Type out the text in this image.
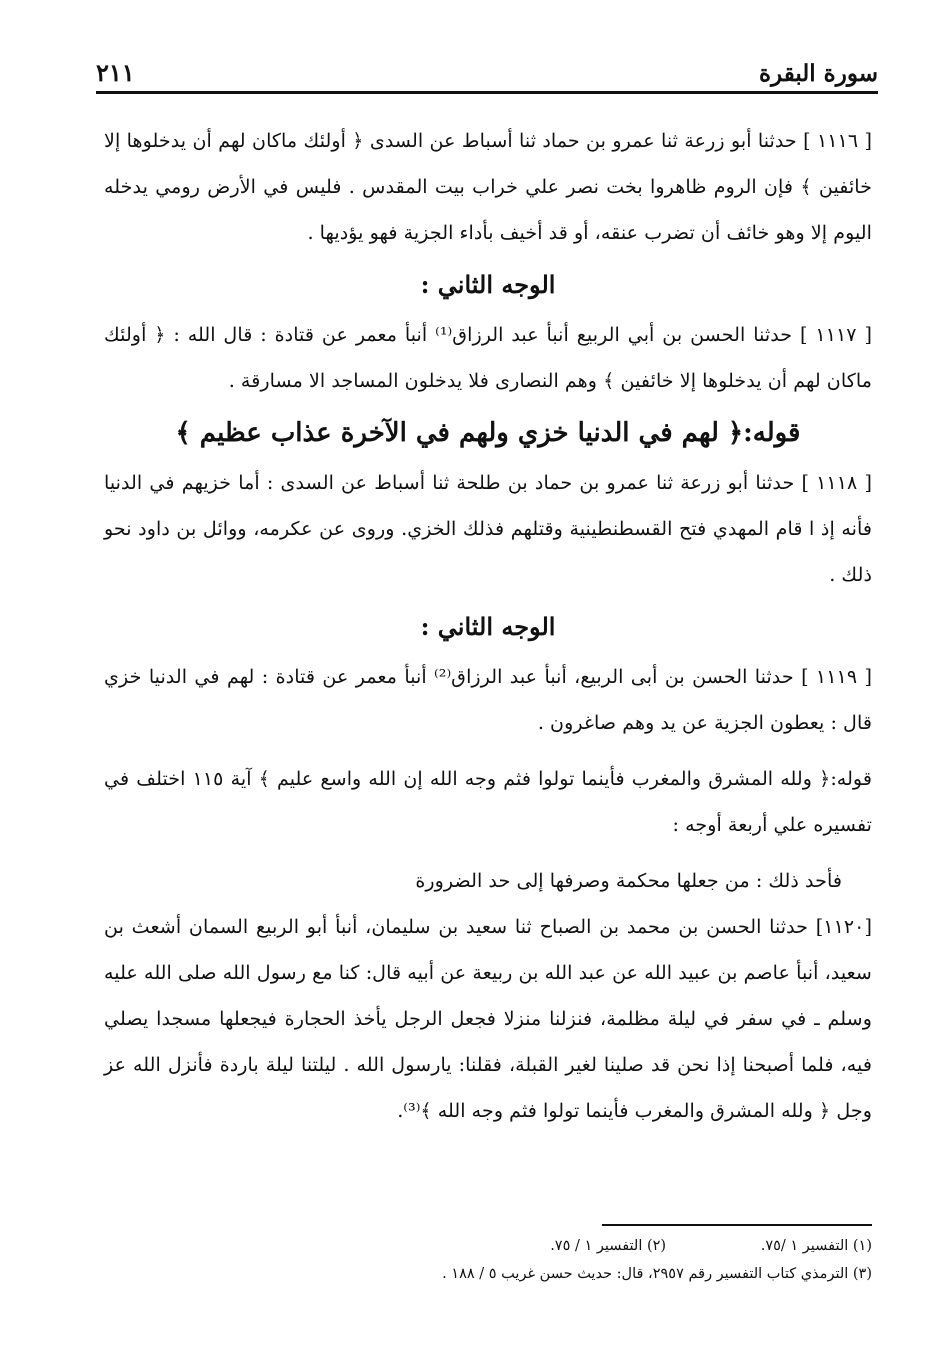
سورة البقرة
٢١١

[ ١١١٦ ] حدثنا أبو زرعة ثنا عمرو بن حماد ثنا أسباط عن السدى ﴿ أولئك ماكان لهم أن يدخلوها إلا خائفين ﴾ فإن الروم ظاهروا بخت نصر علي خراب بيت المقدس . فليس في الأرض رومي يدخله اليوم إلا وهو خائف أن تضرب عنقه، أو قد أخيف بأداء الجزية فهو يؤديها .

الوجه الثاني :

[ ١١١٧ ] حدثنا الحسن بن أبي الربيع أنبأ عبد الرزاق⁽¹⁾ أنبأ معمر عن قتادة : قال الله : ﴿ أولئك ماكان لهم أن يدخلوها إلا خائفين ﴾ وهم النصارى فلا يدخلون المساجد الا مسارقة .

قوله:﴿ لهم في الدنيا خزي ولهم في الآخرة عذاب عظيم ﴾

[ ١١١٨ ] حدثنا أبو زرعة ثنا عمرو بن حماد بن طلحة ثنا أسباط عن السدى : أما خزيهم في الدنيا فأنه إذ ا قام المهدي فتح القسطنطينية وقتلهم فذلك الخزي. وروى عن عكرمه، ووائل بن داود نحو ذلك .

الوجه الثاني :

[ ١١١٩ ] حدثنا الحسن بن أبى الربيع، أنبأ عبد الرزاق⁽²⁾ أنبأ معمر عن قتادة : لهم في الدنيا خزي قال : يعطون الجزية عن يد وهم صاغرون .

قوله:﴿ ولله المشرق والمغرب فأينما تولوا فثم وجه الله إن الله واسع عليم ﴾ آية ١١٥ اختلف في تفسيره علي أربعة أوجه :

فأحد ذلك : من جعلها محكمة وصرفها إلى حد الضرورة

[١١٢٠] حدثنا الحسن بن محمد بن الصباح ثنا سعيد بن سليمان، أنبأ أبو الربيع السمان أشعث بن سعيد، أنبأ عاصم بن عبيد الله عن عبد الله بن ربيعة عن أبيه قال: كنا مع رسول الله صلى الله عليه وسلم ـ في سفر في ليلة مظلمة، فنزلنا منزلا فجعل الرجل يأخذ الحجارة فيجعلها مسجدا يصلي فيه، فلما أصبحنا إذا نحن قد صلينا لغير القبلة، فقلنا: يارسول الله . ليلتنا ليلة باردة فأنزل الله عز وجل ﴿ ولله المشرق والمغرب فأينما تولوا فثم وجه الله ﴾⁽³⁾.

(١) التفسير ١ /٧٥. (٢) التفسير ١ / ٧٥.
(٣) الترمذي كتاب التفسير رقم ٢٩٥٧، قال: حديث حسن غريب ٥ / ١٨٨ .
